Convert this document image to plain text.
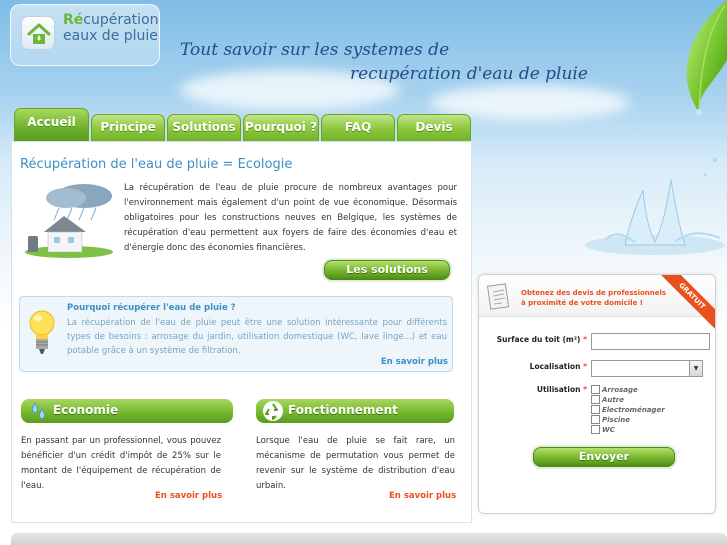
Récupération
eaux de pluie
Tout savoir sur les systemes de
recupération d'eau de pluie
Accueil	Principe	Solutions Pourquoi ?	FAQ	Devis
Récupération de l'eau de pluie = Ecologie
La récupération de l'eau de pluie procure de nombreux avantages pour l'environnement mais également d'un point de vue économique. Désormais obligatoires pour les constructions neuves en Belgique, les systèmes de récupération d'eau permettent aux foyers de faire des économies d'eau et d'énergie donc des économies financières.
Les solutions
Pourquoi récupérer l'eau de pluie ?
La récupération de l'eau de pluie peut être une solution intéressante pour différents types de besoins : arrosage du jardin, utilisation domestique (WC, lave linge...) et eau potable grâce à un système de filtration.
En savoir plus
Economie	Fonctionnement
En passant par un professionnel, vous pouvez bénéficier d'un crédit d'impôt de 25% sur le montant de l'équipement de récupération de l'eau.
En savoir plus
Lorsque l'eau de pluie se fait rare, un mécanisme de permutation vous permet de revenir sur le système de distribution d'eau urbain.
En savoir plus
Obtenez des devis de professionnels
à proximité de votre domicile !	GRATUIT
Surface du toit (m²) *
Localisation *	▼
Utilisation *	Arrosage
Autre
Electroménager
Piscine
WC
Envoyer
